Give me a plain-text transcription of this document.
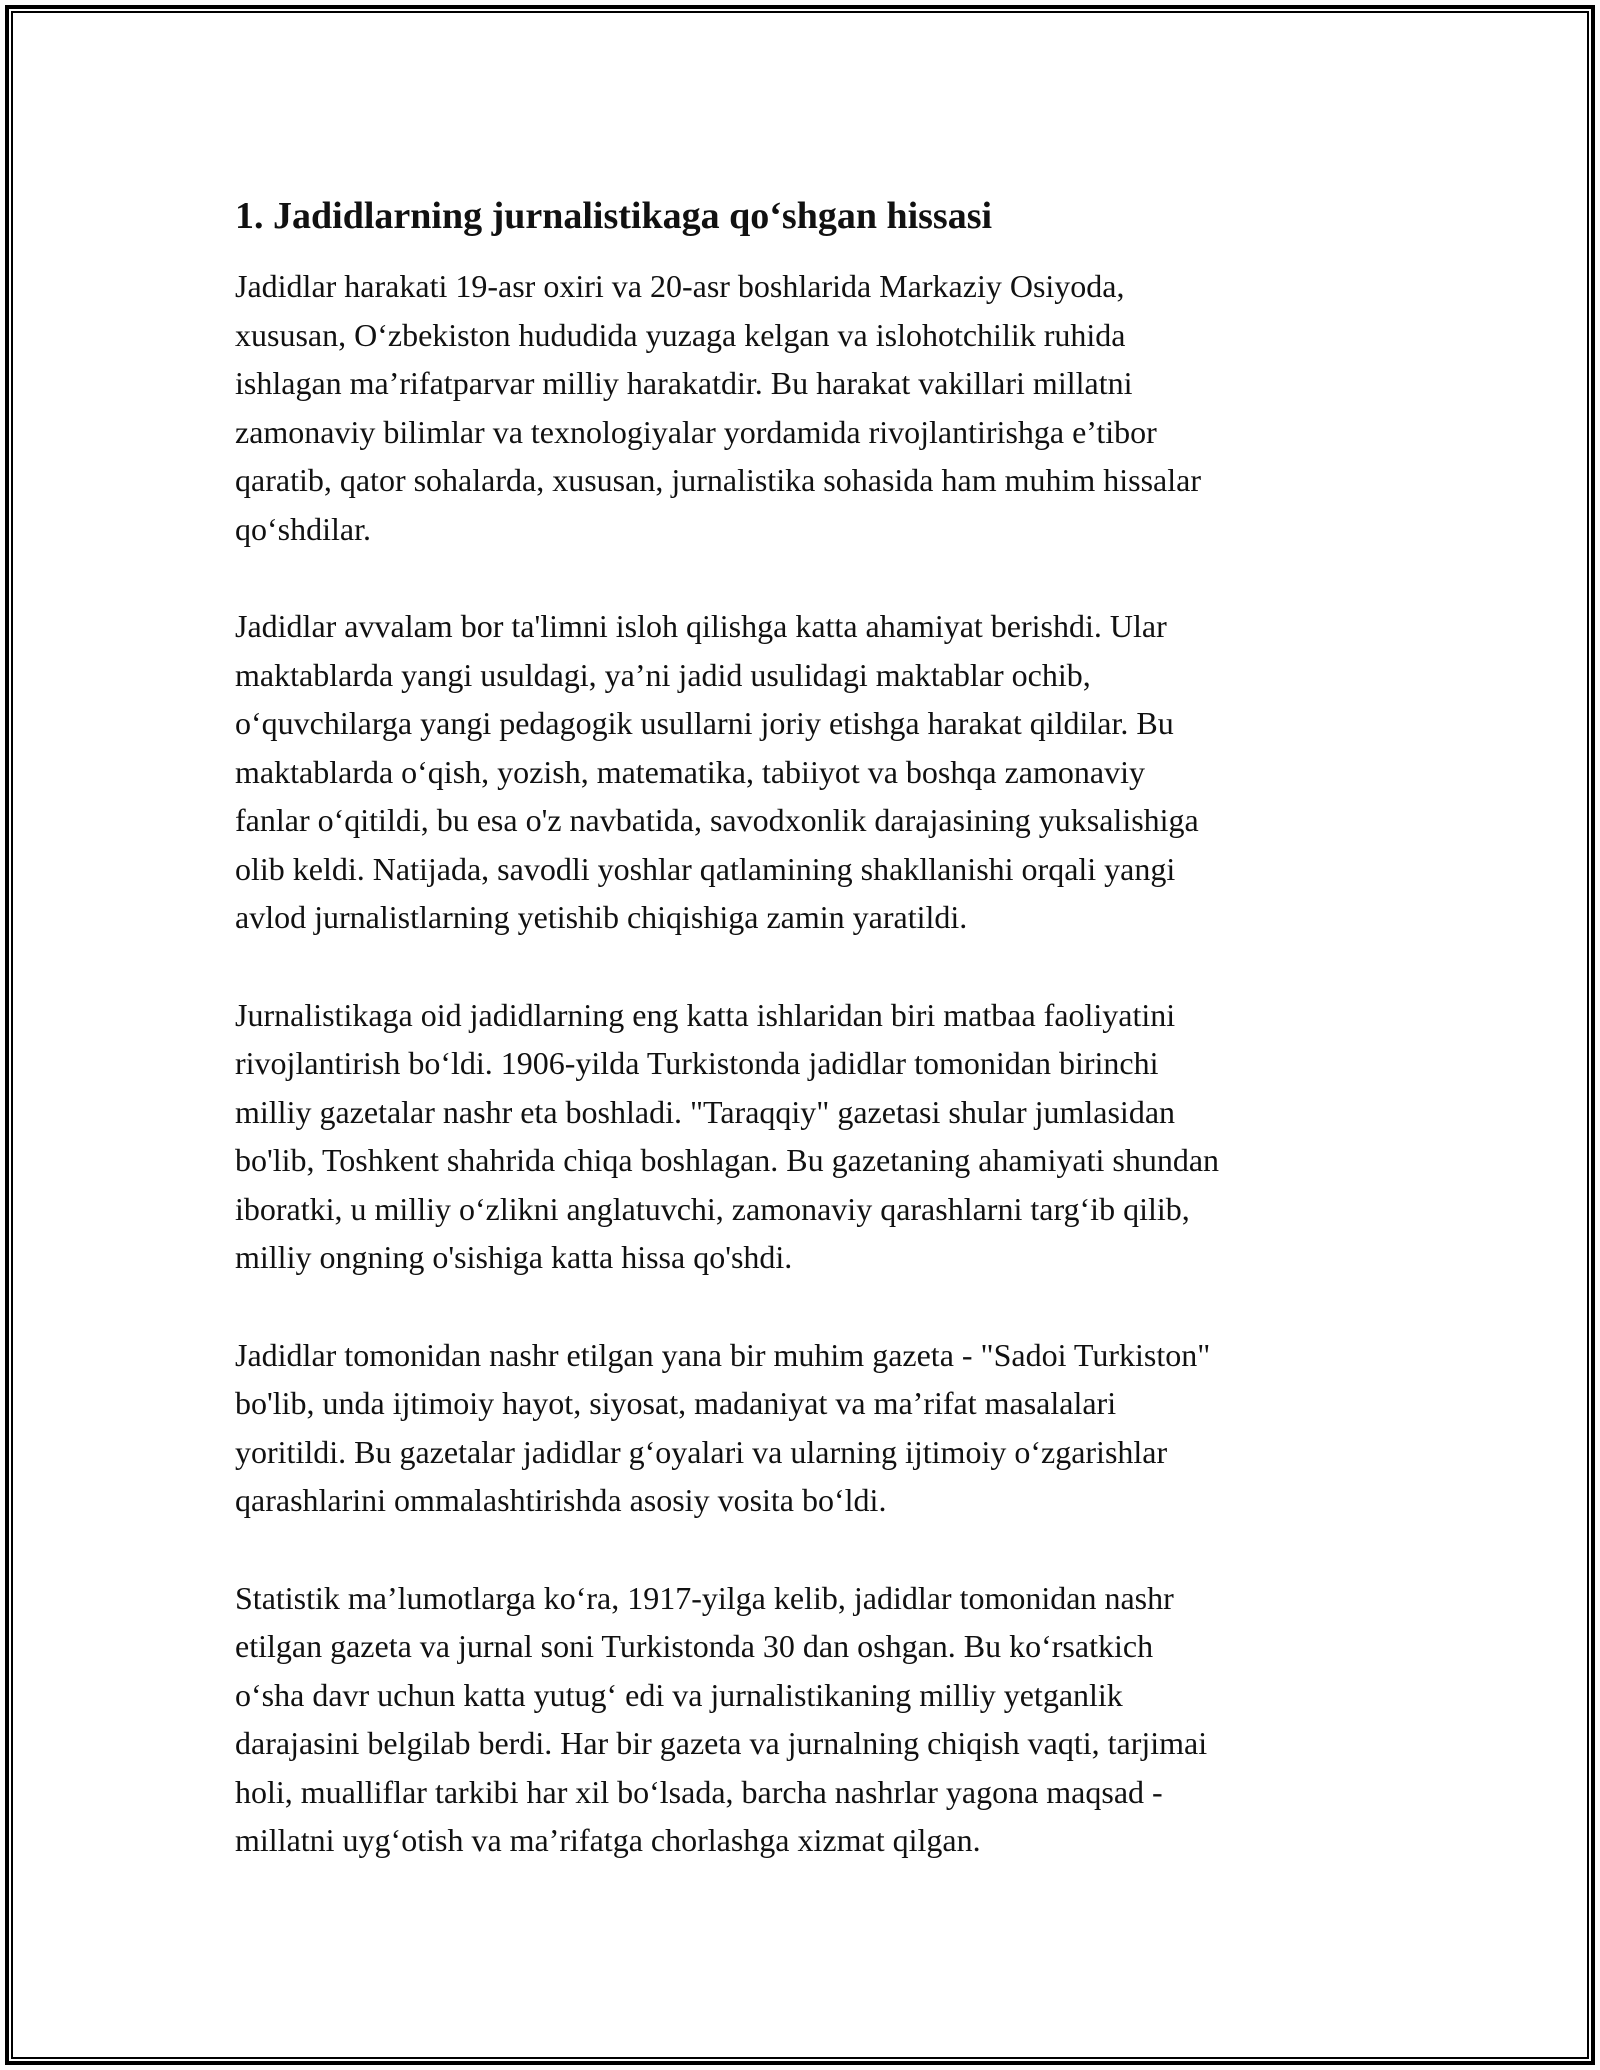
1. Jadidlarning jurnalistikaga qo‘shgan hissasi

Jadidlar harakati 19-asr oxiri va 20-asr boshlarida Markaziy Osiyoda,
xususan, O‘zbekiston hududida yuzaga kelgan va islohotchilik ruhida
ishlagan ma’rifatparvar milliy harakatdir. Bu harakat vakillari millatni
zamonaviy bilimlar va texnologiyalar yordamida rivojlantirishga e’tibor
qaratib, qator sohalarda, xususan, jurnalistika sohasida ham muhim hissalar
qo‘shdilar.

Jadidlar avvalam bor ta'limni isloh qilishga katta ahamiyat berishdi. Ular
maktablarda yangi usuldagi, ya’ni jadid usulidagi maktablar ochib,
o‘quvchilarga yangi pedagogik usullarni joriy etishga harakat qildilar. Bu
maktablarda o‘qish, yozish, matematika, tabiiyot va boshqa zamonaviy
fanlar o‘qitildi, bu esa o'z navbatida, savodxonlik darajasining yuksalishiga
olib keldi. Natijada, savodli yoshlar qatlamining shakllanishi orqali yangi
avlod jurnalistlarning yetishib chiqishiga zamin yaratildi.

Jurnalistikaga oid jadidlarning eng katta ishlaridan biri matbaa faoliyatini
rivojlantirish bo‘ldi. 1906-yilda Turkistonda jadidlar tomonidan birinchi
milliy gazetalar nashr eta boshladi. "Taraqqiy" gazetasi shular jumlasidan
bo'lib, Toshkent shahrida chiqa boshlagan. Bu gazetaning ahamiyati shundan
iboratki, u milliy o‘zlikni anglatuvchi, zamonaviy qarashlarni targ‘ib qilib,
milliy ongning o'sishiga katta hissa qo'shdi.

Jadidlar tomonidan nashr etilgan yana bir muhim gazeta - "Sadoi Turkiston"
bo'lib, unda ijtimoiy hayot, siyosat, madaniyat va ma’rifat masalalari
yoritildi. Bu gazetalar jadidlar g‘oyalari va ularning ijtimoiy o‘zgarishlar
qarashlarini ommalashtirishda asosiy vosita bo‘ldi.

Statistik ma’lumotlarga ko‘ra, 1917-yilga kelib, jadidlar tomonidan nashr
etilgan gazeta va jurnal soni Turkistonda 30 dan oshgan. Bu ko‘rsatkich
o‘sha davr uchun katta yutug‘ edi va jurnalistikaning milliy yetganlik
darajasini belgilab berdi. Har bir gazeta va jurnalning chiqish vaqti, tarjimai
holi, mualliflar tarkibi har xil bo‘lsada, barcha nashrlar yagona maqsad -
millatni uyg‘otish va ma’rifatga chorlashga xizmat qilgan.
